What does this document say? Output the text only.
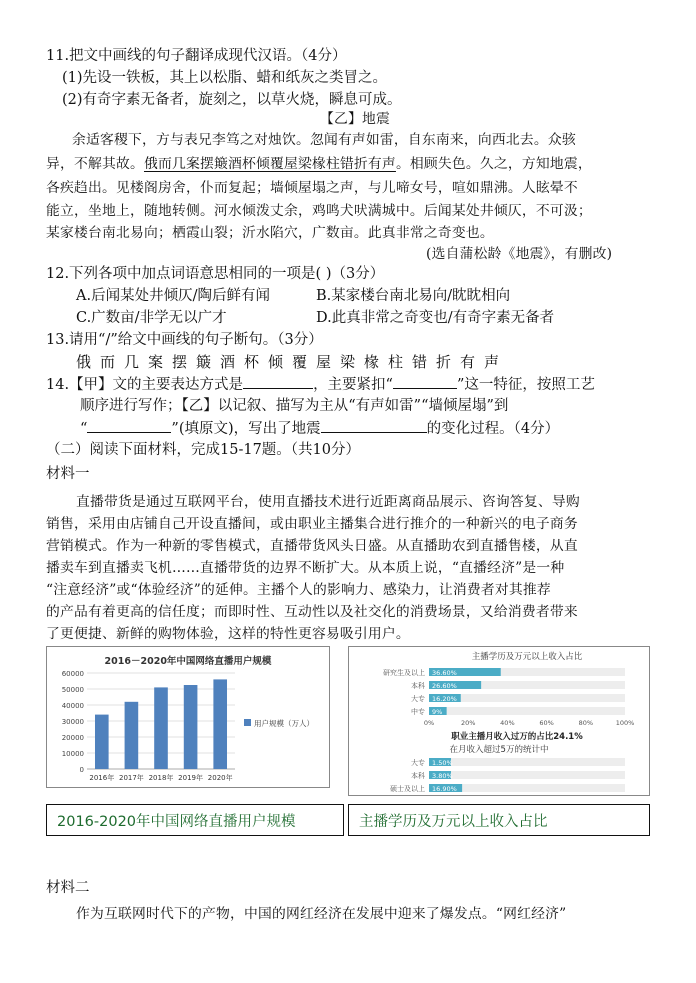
11.把文中画线的句子翻译成现代汉语。（4分）
(1)先设一铁板，其上以松脂、蜡和纸灰之类冒之。
(2)有奇字素无备者，旋刻之，以草火烧，瞬息可成。
【乙】地震
余适客稷下，方与表兄李笃之对烛饮。忽闻有声如雷，自东南来，向西北去。众骇
异，不解其故。俄而几案摆簸酒杯倾覆屋梁椽柱错折有声。相顾失色。久之，方知地震，
各疾趋出。见楼阁房舍，仆而复起；墙倾屋塌之声，与儿啼女号，喧如鼎沸。人眩晕不
能立，坐地上，随地转侧。河水倾泼丈余，鸡鸣犬吠满城中。后闻某处井倾仄，不可汲；
某家楼台南北易向；栖霞山裂；沂水陷穴，广数亩。此真非常之奇变也。
(选自蒲松龄《地震》，有删改)
12.下列各项中加点词语意思相同的一项是( )（3分）
A.后闻某处井倾仄/陶后鲜有闻	B.某家楼台南北易向/眈眈相向
C.广数亩/非学无以广才	D.此真非常之奇变也/有奇字素无备者
13.请用“/”给文中画线的句子断句。（3分）
俄而几案摆簸酒杯倾覆屋梁椽柱错折有声
14.【甲】文的主要表达方式是	，主要紧扣“	”这一特征，按照工艺
顺序进行写作；【乙】以记叙、描写为主从“有声如雷”“墙倾屋塌”到
“	”(填原文)，写出了地震	的变化过程。（4分）
（二）阅读下面材料，完成15-17题。（共10分）
材料一
直播带货是通过互联网平台，使用直播技术进行近距离商品展示、咨询答复、导购
销售，采用由店铺自己开设直播间，或由职业主播集合进行推介的一种新兴的电子商务
营销模式。作为一种新的零售模式，直播带货风头日盛。从直播助农到直播售楼，从直
播卖车到直播卖飞机……直播带货的边界不断扩大。从本质上说，“直播经济”是一种
“注意经济”或“体验经济”的延伸。主播个人的影响力、感染力，让消费者对其推荐
的产品有着更高的信任度；而即时性、互动性以及社交化的消费场景，又给消费者带来
了更便捷、新鲜的购物体验，这样的特性更容易吸引用户。
2016－2020年中国网络直播用户规模
0
10000
20000
30000
40000
50000
60000
2016年 2017年 2018年 2019年 2020年
用户规模（万人）
主播学历及万元以上收入占比
研究生及以上 36.60%
本科 26.60%
大专 16.20%
中专 9%
0%	20%	40%	60%	80%	100%
职业主播月收入过万的占比24.1%
在月收入超过5万的统计中
大专 1.50%
本科 3.80%
硕士及以上 16.90%
2016-2020年中国网络直播用户规模	主播学历及万元以上收入占比
材料二
作为互联网时代下的产物，中国的网红经济在发展中迎来了爆发点。“网红经济”
